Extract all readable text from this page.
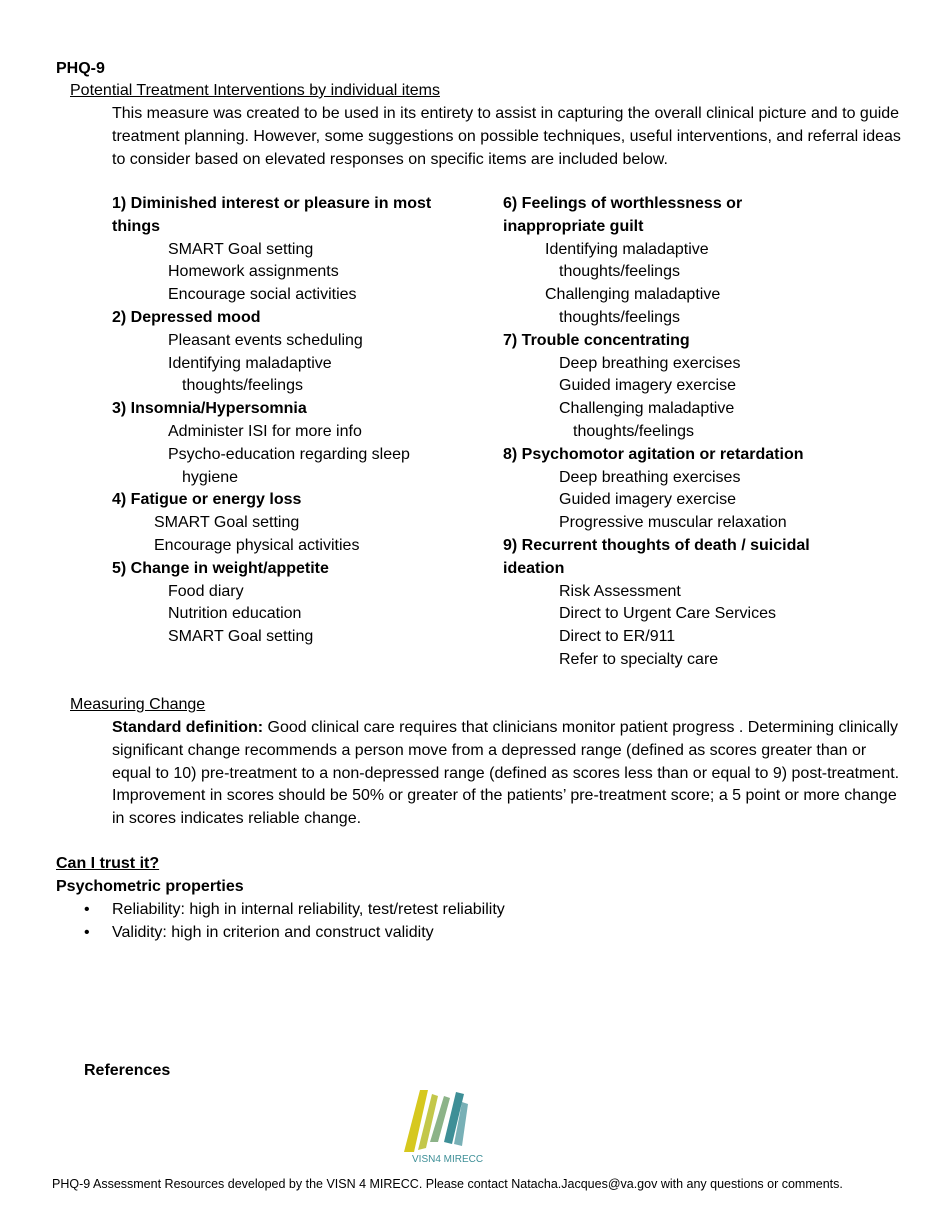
PHQ-9
Potential Treatment Interventions by individual items
This measure was created to be used in its entirety to assist in capturing the overall clinical picture and to guide treatment planning. However, some suggestions on possible techniques, useful interventions, and referral ideas to consider based on elevated responses on specific items are included below.
1) Diminished interest or pleasure in most
things
SMART Goal setting
Homework assignments
Encourage social activities
2) Depressed mood
Pleasant events scheduling
Identifying maladaptive
thoughts/feelings
3) Insomnia/Hypersomnia
Administer ISI for more info
Psycho-education regarding sleep
hygiene
4) Fatigue or energy loss
SMART Goal setting
Encourage physical activities
5) Change in weight/appetite
Food diary
Nutrition education
SMART Goal setting
6) Feelings of worthlessness or
inappropriate guilt
Identifying maladaptive
thoughts/feelings
Challenging maladaptive
thoughts/feelings
7) Trouble concentrating
Deep breathing exercises
Guided imagery exercise
Challenging maladaptive
thoughts/feelings
8) Psychomotor agitation or retardation
Deep breathing exercises
Guided imagery exercise
Progressive muscular relaxation
9) Recurrent thoughts of death / suicidal
ideation
Risk Assessment
Direct to Urgent Care Services
Direct to ER/911
Refer to specialty care
Measuring Change
Standard definition: Good clinical care requires that clinicians monitor patient progress . Determining clinically significant change recommends a person move from a depressed range (defined as scores greater than or equal to 10) pre-treatment to a non-depressed range (defined as scores less than or equal to 9) post-treatment. Improvement in scores should be 50% or greater of the patients’ pre-treatment score; a 5 point or more change in scores indicates reliable change.
Can I trust it?
Psychometric properties
• Reliability: high in internal reliability, test/retest reliability
• Validity: high in criterion and construct validity
References
VISN4 MIRECC
PHQ-9 Assessment Resources developed by the VISN 4 MIRECC. Please contact Natacha.Jacques@va.gov with any questions or comments.
